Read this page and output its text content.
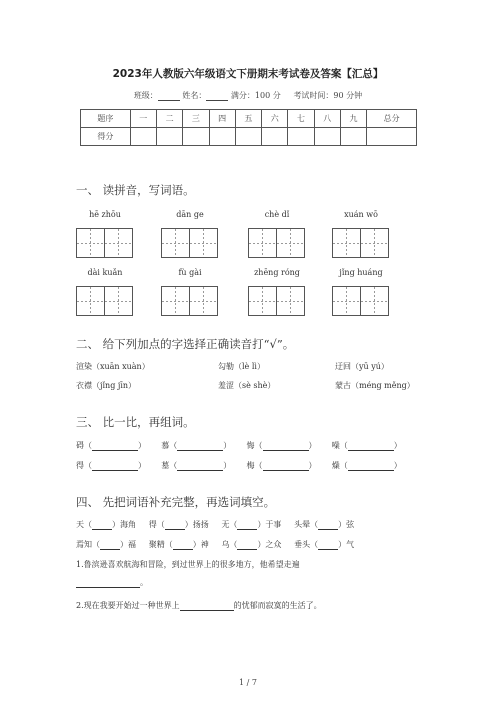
2023年人教版六年级语文下册期末考试卷及答案【汇总】
班级：	姓名：	满分：100 分 考试时间：90 分钟
题序	一	二	三	四	五	六	七	八	九	总分
得分										
一、 读拼音，写词语。
hē zhōu	dān ge	chè dǐ	xuán wō
dài kuǎn	fù gài	zhēng róng	jǐng huáng
二、 给下列加点的字选择正确读音打“√”。
渲染（xuān xuàn）	勾勒（lè lì）	迂回（yū yú）
衣襟（jǐng jīn）	羞涩（sè shè）	蒙古（méng měng）
三、 比一比，再组词。
碍（	） 慕（	） 悔（	） 噪（	）
得（	） 墓（	） 梅（	） 燥（	）
四、 先把词语补充完整，再选词填空。
天（	）海角 得（	）扬扬 无（	）于事 头晕（	）弦
焉知（	）福 聚精（	）神 乌（	）之众 垂头（	）气
1.鲁滨逊喜欢航海和冒险，到过世界上的很多地方，他希望走遍
。
2.现在我要开始过一种世界上	的忧郁而寂寞的生活了。
1 / 7
